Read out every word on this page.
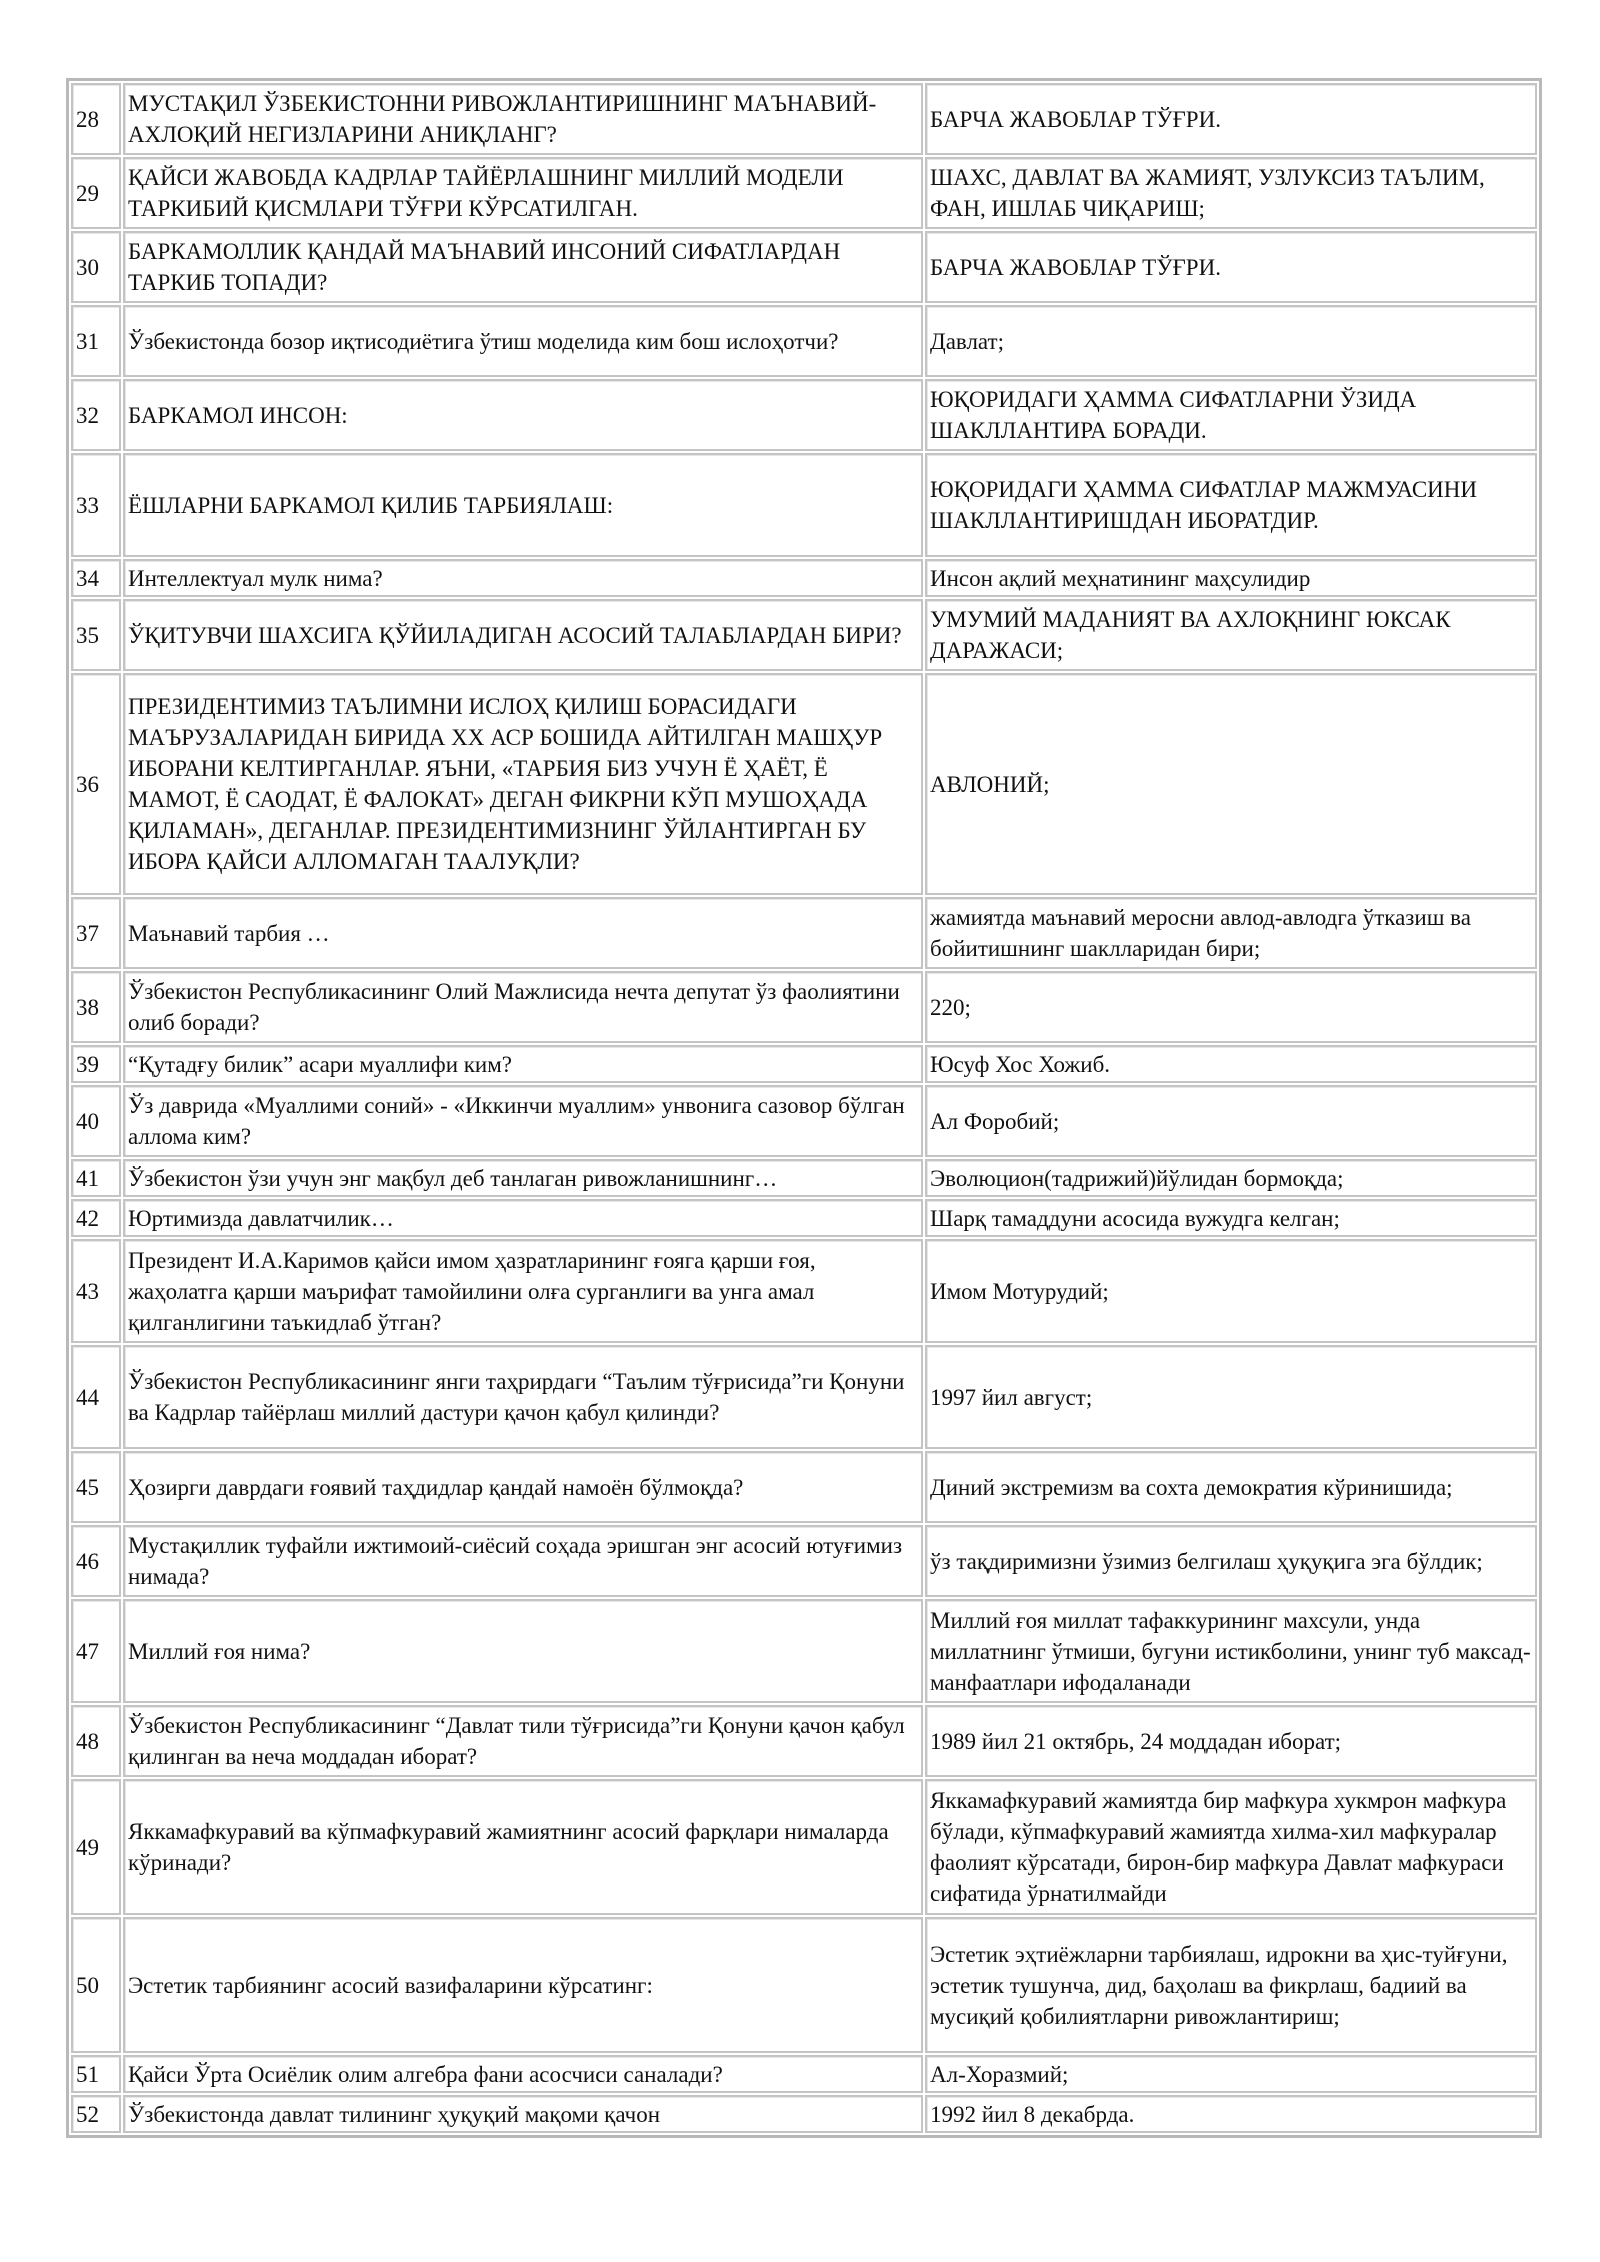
28	МУСТАҚИЛ ЎЗБЕКИСТОННИ РИВОЖЛАНТИРИШНИНГ МАЪНАВИЙ-АХЛОҚИЙ НЕГИЗЛАРИНИ АНИҚЛАНГ?	БАРЧА ЖАВОБЛАР ТЎҒРИ.
29	ҚАЙСИ ЖАВОБДА КАДРЛАР ТАЙЁРЛАШНИНГ МИЛЛИЙ МОДЕЛИ ТАРКИБИЙ ҚИСМЛАРИ ТЎҒРИ КЎРСАТИЛГАН.	ШАХС, ДАВЛАТ ВА ЖАМИЯТ, УЗЛУКСИЗ ТАЪЛИМ, ФАН, ИШЛАБ ЧИҚАРИШ;
30	БАРКАМОЛЛИК ҚАНДАЙ МАЪНАВИЙ ИНСОНИЙ СИФАТЛАРДАН ТАРКИБ ТОПАДИ?	БАРЧА ЖАВОБЛАР ТЎҒРИ.
31	Ўзбекистонда бозор иқтисодиётига ўтиш моделида ким бош ислоҳотчи?	Давлат;
32	БАРКАМОЛ ИНСОН:	ЮҚОРИДАГИ ҲАММА СИФАТЛАРНИ ЎЗИДА ШАКЛЛАНТИРА БОРАДИ.
33	ЁШЛАРНИ БАРКАМОЛ ҚИЛИБ ТАРБИЯЛАШ:	ЮҚОРИДАГИ ҲАММА СИФАТЛАР МАЖМУАСИНИ ШАКЛЛАНТИРИШДАН ИБОРАТДИР.
34	Интеллектуал мулк нима?	Инсон ақлий меҳнатининг маҳсулидир
35	ЎҚИТУВЧИ ШАХСИГА ҚЎЙИЛАДИГАН АСОСИЙ ТАЛАБЛАРДАН БИРИ?	УМУМИЙ МАДАНИЯТ ВА АХЛОҚНИНГ ЮКСАК ДАРАЖАСИ;
36	ПРЕЗИДЕНТИМИЗ ТАЪЛИМНИ ИСЛОҲ ҚИЛИШ БОРАСИДАГИ МАЪРУЗАЛАРИДАН БИРИДА XX АСР БОШИДА АЙТИЛГАН МАШҲУР ИБОРАНИ КЕЛТИРГАНЛАР. ЯЪНИ, «ТАРБИЯ БИЗ УЧУН Ё ҲАЁТ, Ё МАМОТ, Ё САОДАТ, Ё ФАЛОКАТ» ДЕГАН ФИКРНИ КЎП МУШОҲАДА ҚИЛАМАН», ДЕГАНЛАР. ПРЕЗИДЕНТИМИЗНИНГ ЎЙЛАНТИРГАН БУ ИБОРА ҚАЙСИ АЛЛОМАГАН ТААЛУҚЛИ?	АВЛОНИЙ;
37	Маънавий тарбия …	жамиятда маънавий меросни авлод-авлодга ўтказиш ва бойитишнинг шаклларидан бири;
38	Ўзбекистон Республикасининг Олий Мажлисида нечта депутат ўз фаолиятини олиб боради?	220;
39	“Қутадғу билик” асари муаллифи ким?	Юсуф Хос Хожиб.
40	Ўз даврида «Муаллими соний» - «Иккинчи муаллим» унвонига сазовор бўлган аллома ким?	Ал Форобий;
41	Ўзбекистон ўзи учун энг мақбул деб танлаган ривожланишнинг…	Эволюцион(тадрижий)йўлидан бормоқда;
42	Юртимизда давлатчилик…	Шарқ тамаддуни асосида вужудга келган;
43	Президент И.А.Каримов қайси имом ҳазратларининг ғояга қарши ғоя, жаҳолатга қарши маърифат тамойилини олға сурганлиги ва унга амал қилганлигини таъкидлаб ўтган?	Имом Мотурудий;
44	Ўзбекистон Республикасининг янги таҳрирдаги “Таълим тўғрисида”ги Қонуни ва Кадрлар тайёрлаш миллий дастури қачон қабул қилинди?	1997 йил август;
45	Ҳозирги даврдаги ғоявий таҳдидлар қандай намоён бўлмоқда?	Диний экстремизм ва сохта демократия кўринишида;
46	Мустақиллик туфайли ижтимоий-сиёсий соҳада эришган энг асосий ютуғимиз нимада?	ўз тақдиримизни ўзимиз белгилаш ҳуқуқига эга бўлдик;
47	Миллий ғоя нима?	Миллий ғоя миллат тафаккурининг махсули, унда миллатнинг ўтмиши, бугуни истикболини, унинг туб максад-манфаатлари ифодаланади
48	Ўзбекистон Республикасининг “Давлат тили тўғрисида”ги Қонуни қачон қабул қилинган ва неча моддадан иборат?	1989 йил 21 октябрь, 24 моддадан иборат;
49	Яккамафкуравий ва кўпмафкуравий жамиятнинг асосий фарқлари нималарда кўринади?	Яккамафкуравий жамиятда бир мафкура хукмрон мафкура бўлади, кўпмафкуравий жамиятда хилма-хил мафкуралар фаолият кўрсатади, бирон-бир мафкура Давлат мафкураси сифатида ўрнатилмайди
50	Эстетик тарбиянинг асосий вазифаларини кўрсатинг:	Эстетик эҳтиёжларни тарбиялаш, идрокни ва ҳис-туйғуни, эстетик тушунча, дид, баҳолаш ва фикрлаш, бадиий ва мусиқий қобилиятларни ривожлантириш;
51	Қайси Ўрта Осиёлик олим алгебра фани асосчиси саналади?	Ал-Хоразмий;
52	Ўзбекистонда давлат тилининг ҳуқуқий мақоми қачон	1992 йил 8 декабрда.
